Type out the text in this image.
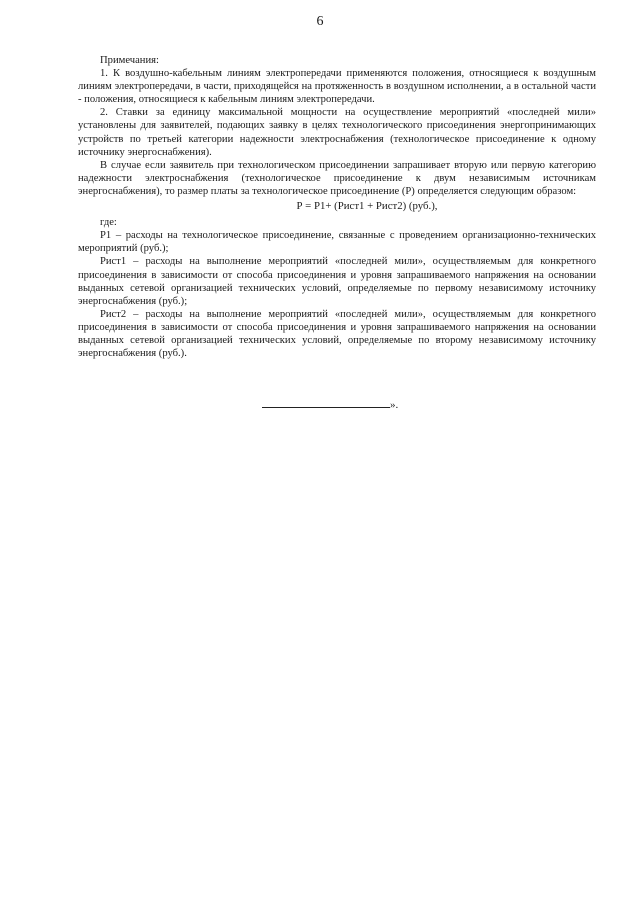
6

Примечания:

1. К воздушно-кабельным линиям электропередачи применяются положения, относящиеся к воздушным линиям электропередачи, в части, приходящейся на протяженность в воздушном исполнении, а в остальной части - положения, относящиеся к кабельным линиям электропередачи.

2. Ставки за единицу максимальной мощности на осуществление мероприятий «последней мили» установлены для заявителей, подающих заявку в целях технологического присоединения энергопринимающих устройств по третьей категории надежности электроснабжения (технологическое присоединение к одному источнику энергоснабжения).

В случае если заявитель при технологическом присоединении запрашивает вторую или первую категорию надежности электроснабжения (технологическое присоединение к двум независимым источникам энергоснабжения), то размер платы за технологическое присоединение (Р) определяется следующим образом:

Р = Р1+ (Рист1 + Рист2) (руб.),

где:

Р1 – расходы на технологическое присоединение, связанные с проведением организационно-технических мероприятий (руб.);

Рист1 – расходы на выполнение мероприятий «последней мили», осуществляемым для конкретного присоединения в зависимости от способа присоединения и уровня запрашиваемого напряжения на основании выданных сетевой организацией технических условий, определяемые по первому независимому источнику энергоснабжения (руб.);

Рист2 – расходы на выполнение мероприятий «последней мили», осуществляемым для конкретного присоединения в зависимости от способа присоединения и уровня запрашиваемого напряжения на основании выданных сетевой организацией технических условий, определяемые по второму независимому источнику энергоснабжения (руб.).

».
